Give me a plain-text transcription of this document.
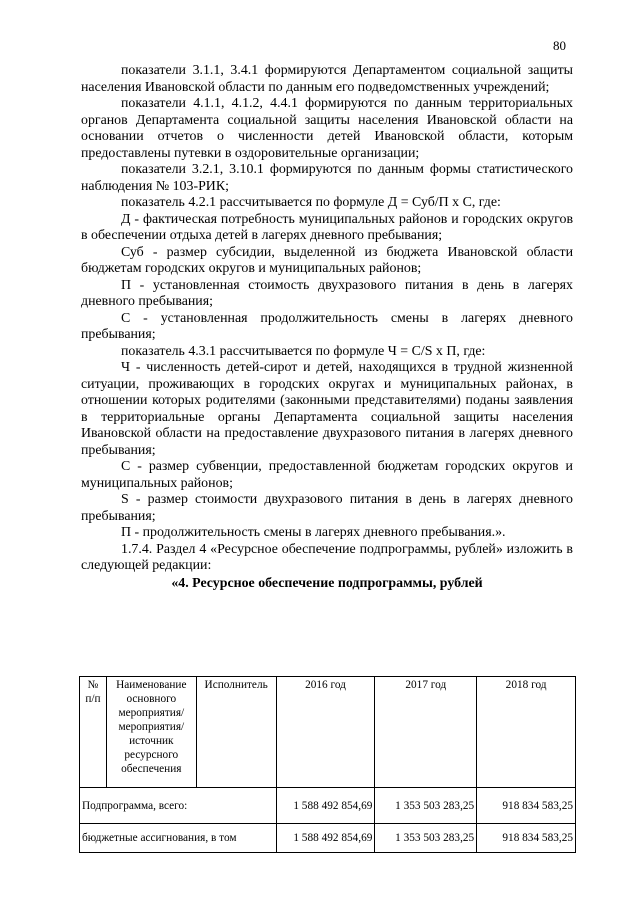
80

показатели 3.1.1, 3.4.1 формируются Департаментом социальной защиты населения Ивановской области по данным его подведомственных учреждений;

показатели 4.1.1, 4.1.2, 4.4.1 формируются по данным территориальных органов Департамента социальной защиты населения Ивановской области на основании отчетов о численности детей Ивановской области, которым предоставлены путевки в оздоровительные организации;

показатели 3.2.1, 3.10.1 формируются по данным формы статистического наблюдения № 103-РИК;

показатель 4.2.1 рассчитывается по формуле Д = Суб/П х С, где:

Д - фактическая потребность муниципальных районов и городских округов в обеспечении отдыха детей в лагерях дневного пребывания;

Суб - размер субсидии, выделенной из бюджета Ивановской области бюджетам городских округов и муниципальных районов;

П - установленная стоимость двухразового питания в день в лагерях дневного пребывания;

С - установленная продолжительность смены в лагерях дневного пребывания;

показатель 4.3.1 рассчитывается по формуле Ч = С/S х П, где:

Ч - численность детей-сирот и детей, находящихся в трудной жизненной ситуации, проживающих в городских округах и муниципальных районах, в отношении которых родителями (законными представителями) поданы заявления в территориальные органы Департамента социальной защиты населения Ивановской области на предоставление двухразового питания в лагерях дневного пребывания;

С - размер субвенции, предоставленной бюджетам городских округов и муниципальных районов;

S - размер стоимости двухразового питания в день в лагерях дневного пребывания;

П - продолжительность смены в лагерях дневного пребывания.».

1.7.4. Раздел 4 «Ресурсное обеспечение подпрограммы, рублей» изложить в следующей редакции:

«4. Ресурсное обеспечение подпрограммы, рублей
№ п/п	Наименование основного мероприятия/ мероприятия/ источник ресурсного обеспечения	Исполнитель	2016 год	2017 год	2018 год
Подпрограмма, всего:			1 588 492 854,69	1 353 503 283,25	918 834 583,25
бюджетные ассигнования, в том			1 588 492 854,69	1 353 503 283,25	918 834 583,25
